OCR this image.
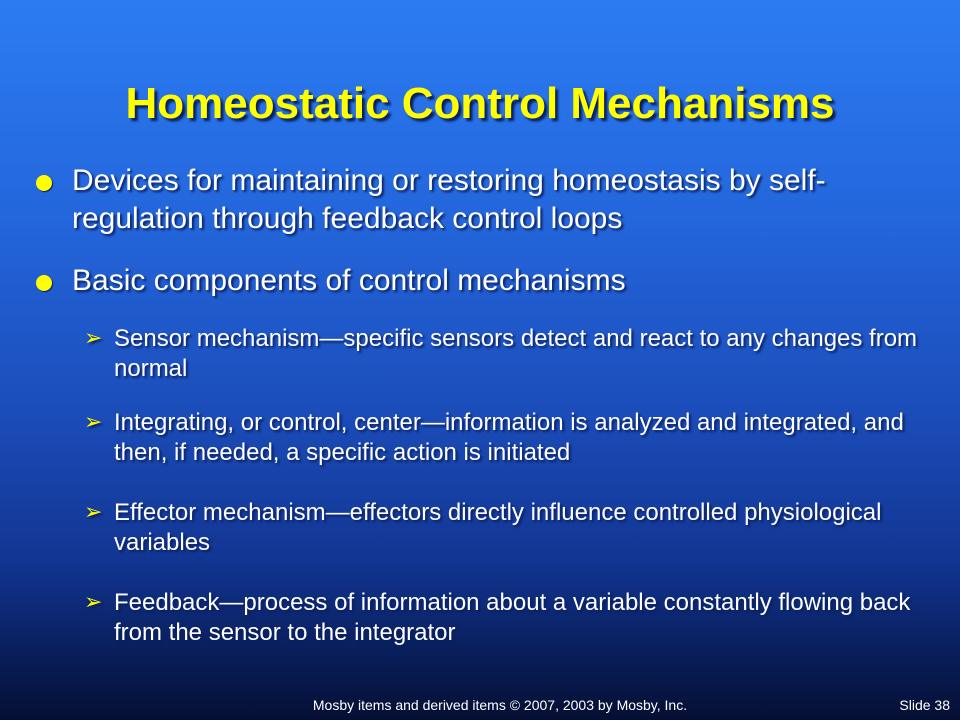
Homeostatic Control Mechanisms
Devices for maintaining or restoring homeostasis by self-regulation through feedback control loops
Basic components of control mechanisms
➢ Sensor mechanism—specific sensors detect and react to any changes from normal
➢ Integrating, or control, center—information is analyzed and integrated, and then, if needed, a specific action is initiated
➢ Effector mechanism—effectors directly influence controlled physiological variables
➢ Feedback—process of information about a variable constantly flowing back from the sensor to the integrator
Mosby items and derived items © 2007, 2003 by Mosby, Inc.	Slide 38
